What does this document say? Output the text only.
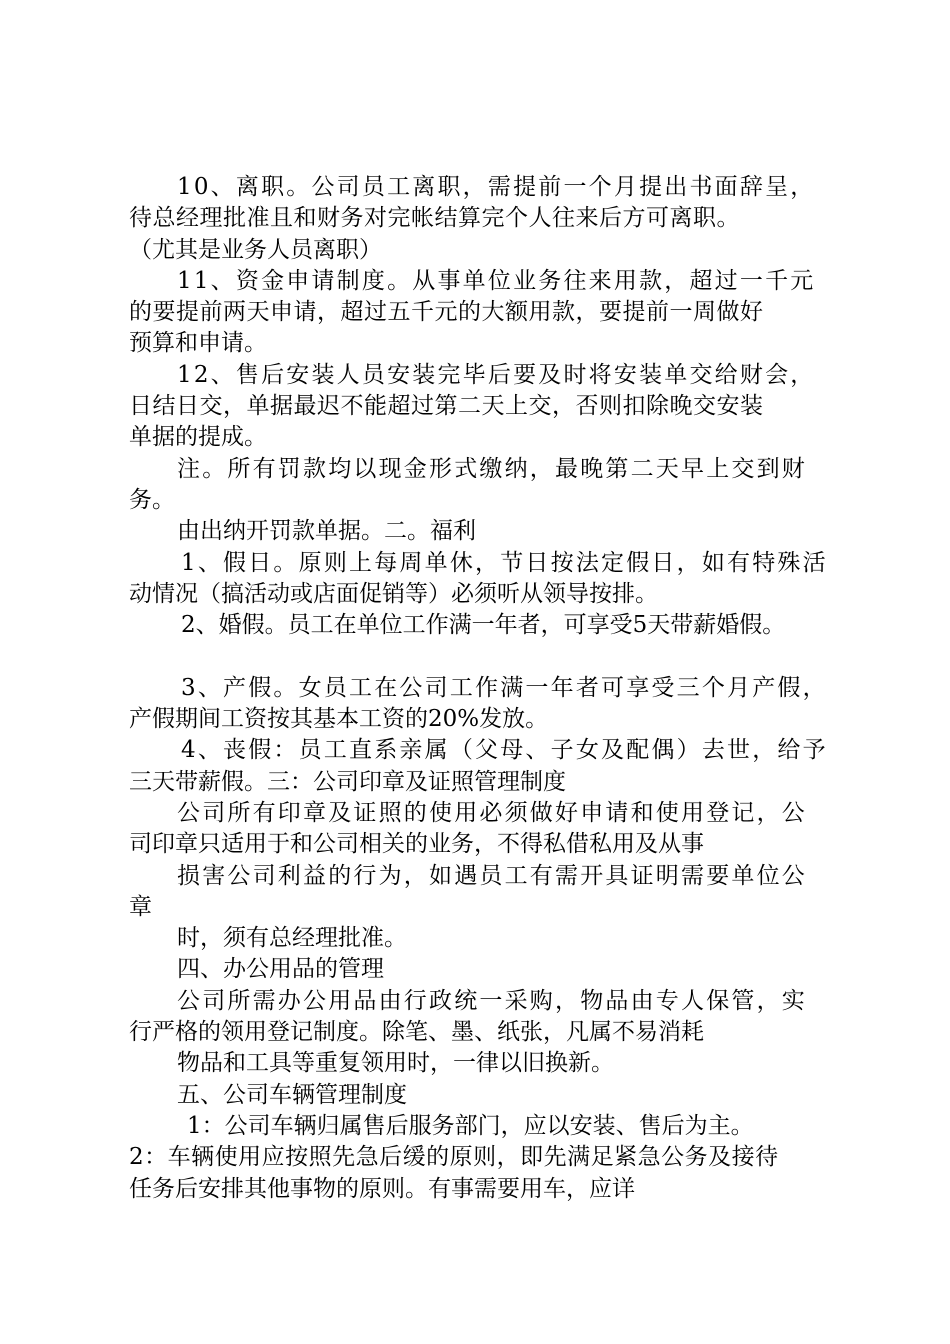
10、离职。公司员工离职，需提前一个月提出书面辞呈，
待总经理批准且和财务对完帐结算完个人往来后方可离职。
（尤其是业务人员离职）
11、资金申请制度。从事单位业务往来用款，超过一千元
的要提前两天申请，超过五千元的大额用款，要提前一周做好
预算和申请。
12、售后安装人员安装完毕后要及时将安装单交给财会，
日结日交，单据最迟不能超过第二天上交，否则扣除晚交安装
单据的提成。
注。所有罚款均以现金形式缴纳，最晚第二天早上交到财
务。
由出纳开罚款单据。二。福利
1、假日。原则上每周单休，节日按法定假日，如有特殊活
动情况（搞活动或店面促销等）必须听从领导按排。
2、婚假。员工在单位工作满一年者，可享受5天带薪婚假。
3、产假。女员工在公司工作满一年者可享受三个月产假，
产假期间工资按其基本工资的20%发放。
4、丧假：员工直系亲属（父母、子女及配偶）去世，给予
三天带薪假。三：公司印章及证照管理制度
公司所有印章及证照的使用必须做好申请和使用登记，公
司印章只适用于和公司相关的业务，不得私借私用及从事
损害公司利益的行为，如遇员工有需开具证明需要单位公
章
时，须有总经理批准。
四、办公用品的管理
公司所需办公用品由行政统一采购，物品由专人保管，实
行严格的领用登记制度。除笔、墨、纸张，凡属不易消耗
物品和工具等重复领用时，一律以旧换新。
五、公司车辆管理制度
1：公司车辆归属售后服务部门，应以安装、售后为主。
2：车辆使用应按照先急后缓的原则，即先满足紧急公务及接待
任务后安排其他事物的原则。有事需要用车，应详
